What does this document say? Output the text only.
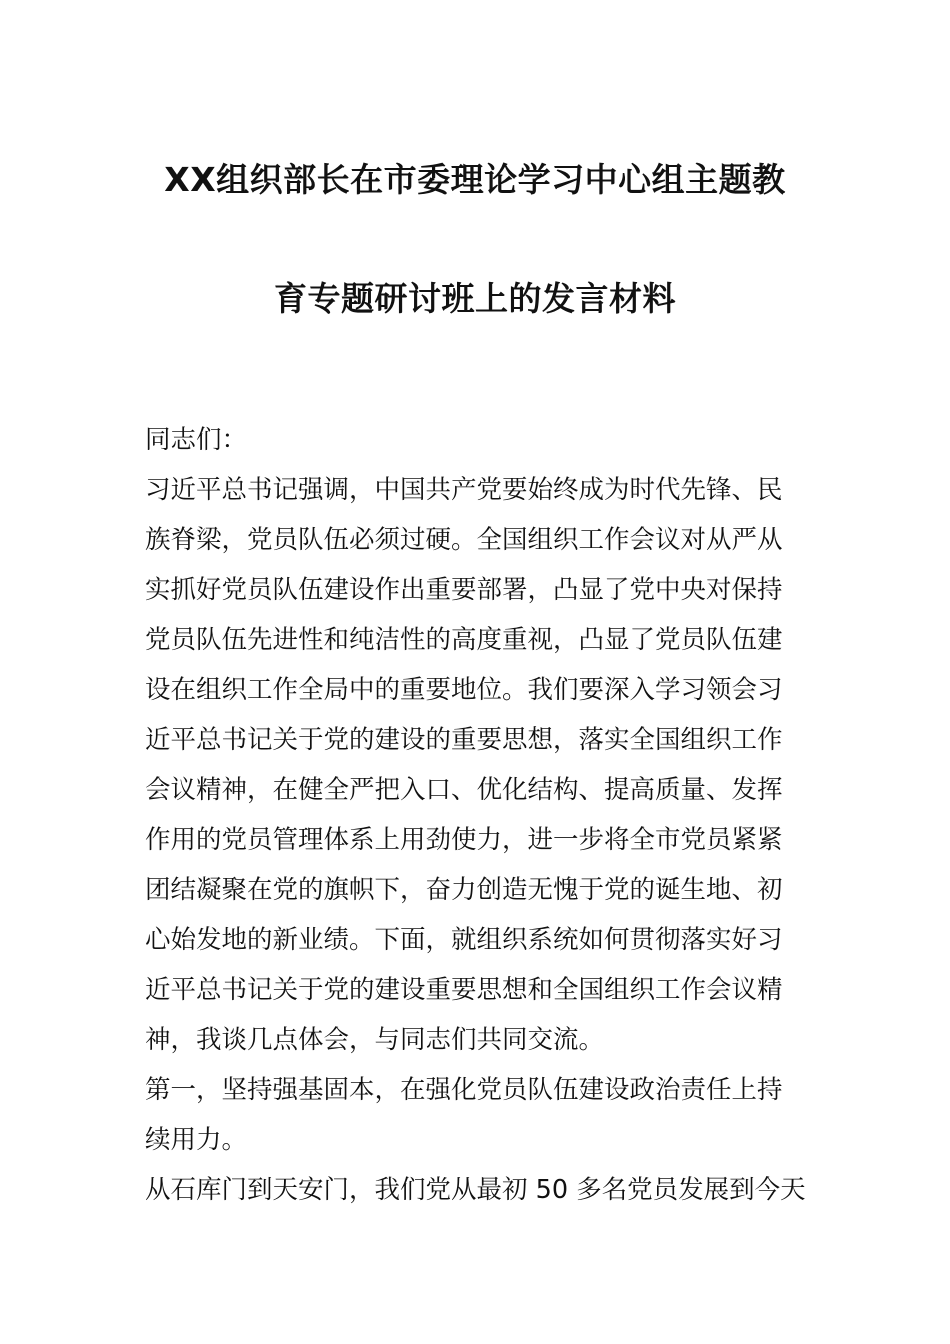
XX组织部长在市委理论学习中心组主题教
育专题研讨班上的发言材料
同志们：
习近平总书记强调，中国共产党要始终成为时代先锋、民
族脊梁，党员队伍必须过硬。全国组织工作会议对从严从
实抓好党员队伍建设作出重要部署，凸显了党中央对保持
党员队伍先进性和纯洁性的高度重视，凸显了党员队伍建
设在组织工作全局中的重要地位。我们要深入学习领会习
近平总书记关于党的建设的重要思想，落实全国组织工作
会议精神，在健全严把入口、优化结构、提高质量、发挥
作用的党员管理体系上用劲使力，进一步将全市党员紧紧
团结凝聚在党的旗帜下，奋力创造无愧于党的诞生地、初
心始发地的新业绩。下面，就组织系统如何贯彻落实好习
近平总书记关于党的建设重要思想和全国组织工作会议精
神，我谈几点体会，与同志们共同交流。
第一，坚持强基固本，在强化党员队伍建设政治责任上持
续用力。
从石库门到天安门，我们党从最初 50 多名党员发展到今天
